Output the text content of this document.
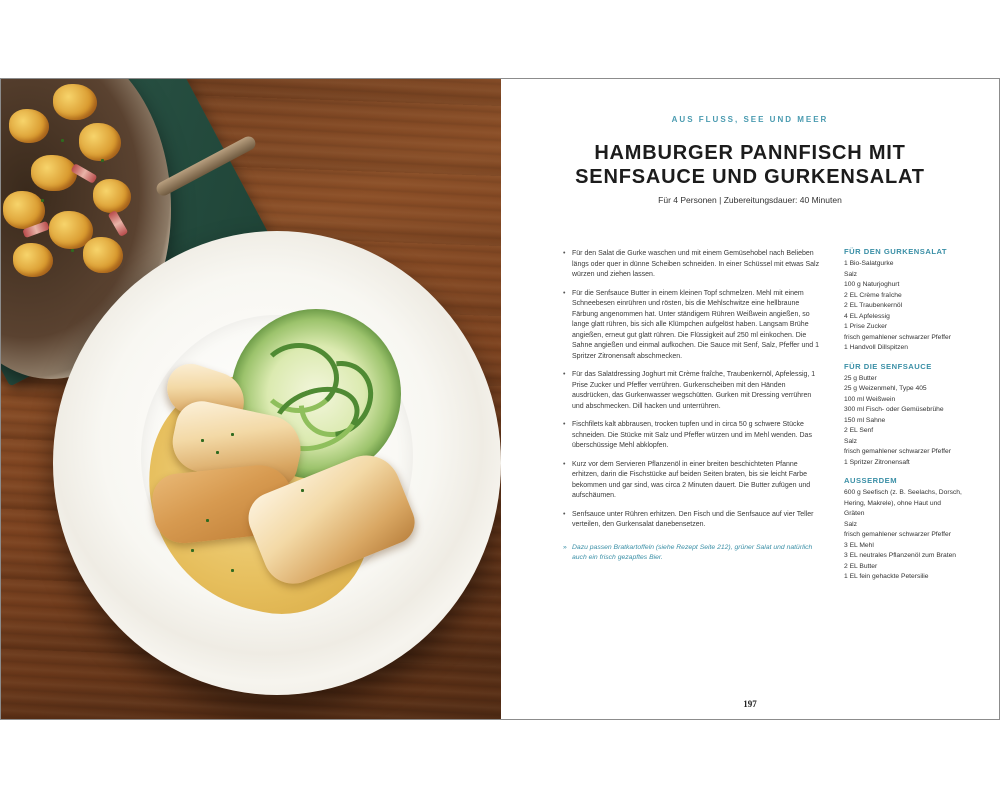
AUS FLUSS, SEE UND MEER
HAMBURGER PANNFISCH MIT
SENFSAUCE UND GURKENSALAT
Für 4 Personen | Zubereitungsdauer: 40 Minuten

• Für den Salat die Gurke waschen und mit einem Gemüsehobel nach Belieben längs oder quer in dünne Scheiben schneiden. In einer Schüssel mit etwas Salz würzen und ziehen lassen.

• Für die Senfsauce Butter in einem kleinen Topf schmelzen. Mehl mit einem Schneebesen einrühren und rösten, bis die Mehlschwitze eine hellbraune Färbung angenommen hat. Unter ständigem Rühren Weißwein angießen, so lange glatt rühren, bis sich alle Klümpchen aufgelöst haben. Langsam Brühe angießen, erneut gut glatt rühren. Die Flüssigkeit auf 250 ml einkochen. Die Sahne angießen und einmal aufkochen. Die Sauce mit Senf, Salz, Pfeffer und 1 Spritzer Zitronensaft abschmecken.

• Für das Salatdressing Joghurt mit Crème fraîche, Traubenkernöl, Apfelessig, 1 Prise Zucker und Pfeffer verrühren. Gurkenscheiben mit den Händen ausdrücken, das Gurkenwasser wegschütten. Gurken mit Dressing verrühren und abschmecken. Dill hacken und unterrühren.

• Fischfilets kalt abbrausen, trocken tupfen und in circa 50 g schwere Stücke schneiden. Die Stücke mit Salz und Pfeffer würzen und im Mehl wenden. Das überschüssige Mehl abklopfen.

• Kurz vor dem Servieren Pflanzenöl in einer breiten beschichteten Pfanne erhitzen, darin die Fischstücke auf beiden Seiten braten, bis sie leicht Farbe bekommen und gar sind, was circa 2 Minuten dauert. Die Butter zufügen und aufschäumen.

• Senfsauce unter Rühren erhitzen. Den Fisch und die Senfsauce auf vier Teller verteilen, den Gurkensalat danebensetzen.

» Dazu passen Bratkartoffeln (siehe Rezept Seite 212), grüner Salat und natürlich auch ein frisch gezapftes Bier.
FÜR DEN GURKENSALAT
1 Bio-Salatgurke
Salz
100 g Naturjoghurt
2 EL Crème fraîche
2 EL Traubenkernöl
4 EL Apfelessig
1 Prise Zucker
frisch gemahlener schwarzer Pfeffer
1 Handvoll Dillspitzen
FÜR DIE SENFSAUCE
25 g Butter
25 g Weizenmehl, Type 405
100 ml Weißwein
300 ml Fisch- oder Gemüsebrühe
150 ml Sahne
2 EL Senf
Salz
frisch gemahlener schwarzer Pfeffer
1 Spritzer Zitronensaft
AUSSERDEM
600 g Seefisch (z. B. Seelachs, Dorsch, Hering, Makrele), ohne Haut und Gräten
Salz
frisch gemahlener schwarzer Pfeffer
3 EL Mehl
3 EL neutrales Pflanzenöl zum Braten
2 EL Butter
1 EL fein gehackte Petersilie
197
